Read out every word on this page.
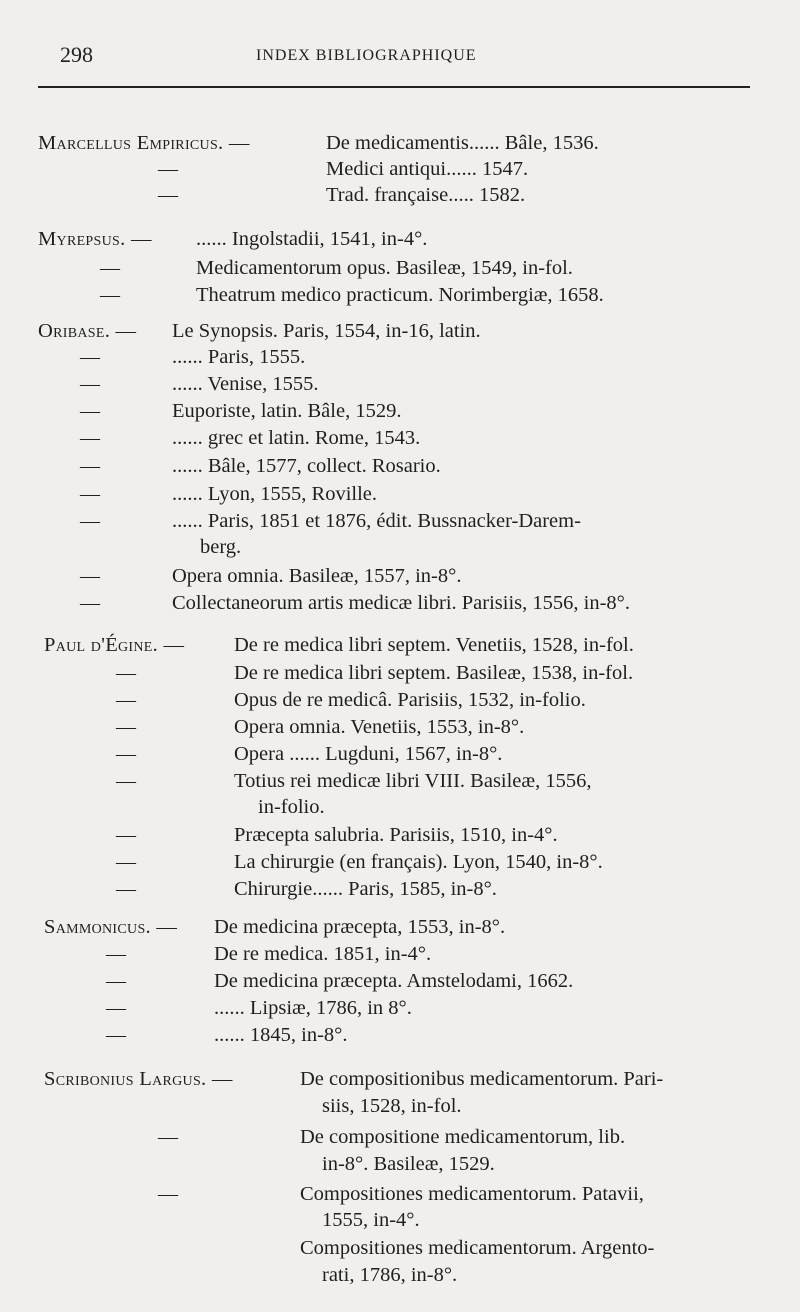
298	INDEX BIBLIOGRAPHIQUE
Marcellus Empiricus. —	De medicamentis...... Bâle, 1536.
—	Medici antiqui...... 1547.
—	Trad. française..... 1582.
Myrepsus. — ...... Ingolstadii, 1541, in-4°.
—	Medicamentorum opus. Basileæ, 1549, in-fol.
—	Theatrum medico practicum. Norimbergiæ, 1658.
Oribase. — Le Synopsis. Paris, 1554, in-16, latin.
—	...... Paris, 1555.
—	...... Venise, 1555.
—	Euporiste, latin. Bâle, 1529.
—	...... grec et latin. Rome, 1543.
—	...... Bâle, 1577, collect. Rosario.
—	...... Lyon, 1555, Roville.
—	...... Paris, 1851 et 1876, édit. Bussnacker-Darem-
berg.
—	Opera omnia. Basileæ, 1557, in-8°.
—	Collectaneorum artis medicæ libri. Parisiis, 1556, in-8°.
Paul d'Égine. — De re medica libri septem. Venetiis, 1528, in-fol.
—	De re medica libri septem. Basileæ, 1538, in-fol.
—	Opus de re medicâ. Parisiis, 1532, in-folio.
—	Opera omnia. Venetiis, 1553, in-8°.
—	Opera ...... Lugduni, 1567, in-8°.
—	Totius rei medicæ libri VIII. Basileæ, 1556,
in-folio.
—	Præcepta salubria. Parisiis, 1510, in-4°.
—	La chirurgie (en français). Lyon, 1540, in-8°.
—	Chirurgie...... Paris, 1585, in-8°.
Sammonicus. — De medicina præcepta, 1553, in-8°.
—	De re medica. 1851, in-4°.
—	De medicina præcepta. Amstelodami, 1662.
—	...... Lipsiæ, 1786, in 8°.
—	...... 1845, in-8°.
Scribonius Largus. —	De compositionibus medicamentorum. Pari-
siis, 1528, in-fol.
—	De compositione medicamentorum, lib.
in-8°. Basileæ, 1529.
—	Compositiones medicamentorum. Patavii,
1555, in-4°.
Compositiones medicamentorum. Argento-
rati, 1786, in-8°.
